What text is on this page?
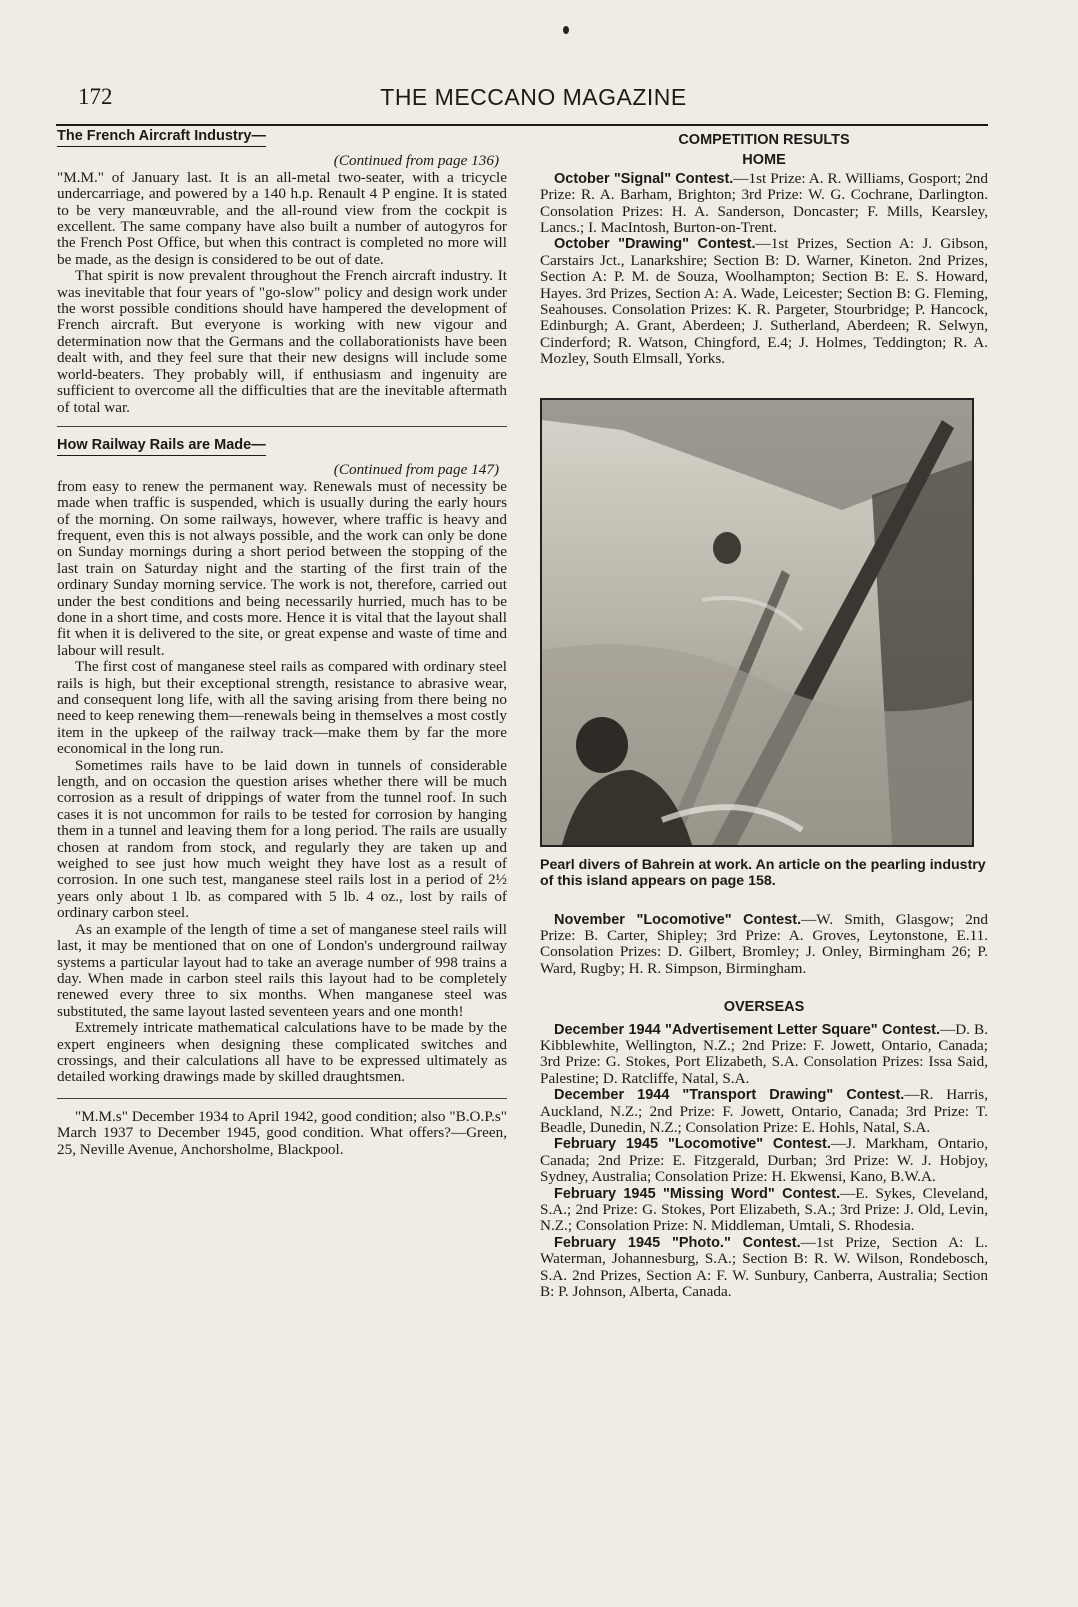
172	THE MECCANO MAGAZINE
The French Aircraft Industry—
(Continued from page 136)

"M.M." of January last. It is an all-metal two-seater, with a tricycle undercarriage, and powered by a 140 h.p. Renault 4 P engine. It is stated to be very manœuvrable, and the all-round view from the cockpit is excellent. The same company have also built a number of autogyros for the French Post Office, but when this contract is completed no more will be made, as the design is considered to be out of date.

That spirit is now prevalent throughout the French aircraft industry. It was inevitable that four years of "go-slow" policy and design work under the worst possible conditions should have hampered the development of French aircraft. But everyone is working with new vigour and determination now that the Germans and the collaborationists have been dealt with, and they feel sure that their new designs will include some world-beaters. They probably will, if enthusiasm and ingenuity are sufficient to overcome all the difficulties that are the inevitable aftermath of total war.

How Railway Rails are Made—
(Continued from page 147)

from easy to renew the permanent way. Renewals must of necessity be made when traffic is suspended, which is usually during the early hours of the morning. On some railways, however, where traffic is heavy and frequent, even this is not always possible, and the work can only be done on Sunday mornings during a short period between the stopping of the last train on Saturday night and the starting of the first train of the ordinary Sunday morning service. The work is not, therefore, carried out under the best conditions and being necessarily hurried, much has to be done in a short time, and costs more. Hence it is vital that the layout shall fit when it is delivered to the site, or great expense and waste of time and labour will result.

The first cost of manganese steel rails as compared with ordinary steel rails is high, but their exceptional strength, resistance to abrasive wear, and consequent long life, with all the saving arising from there being no need to keep renewing them—renewals being in themselves a most costly item in the upkeep of the railway track—make them by far the more economical in the long run.

Sometimes rails have to be laid down in tunnels of considerable length, and on occasion the question arises whether there will be much corrosion as a result of drippings of water from the tunnel roof. In such cases it is not uncommon for rails to be tested for corrosion by hanging them in a tunnel and leaving them for a long period. The rails are usually chosen at random from stock, and regularly they are taken up and weighed to see just how much weight they have lost as a result of corrosion. In one such test, manganese steel rails lost in a period of 2½ years only about 1 lb. as compared with 5 lb. 4 oz., lost by rails of ordinary carbon steel.

As an example of the length of time a set of manganese steel rails will last, it may be mentioned that on one of London's underground railway systems a particular layout had to take an average number of 998 trains a day. When made in carbon steel rails this layout had to be completely renewed every three to six months. When manganese steel was substituted, the same layout lasted seventeen years and one month!

Extremely intricate mathematical calculations have to be made by the expert engineers when designing these complicated switches and crossings, and their calculations all have to be expressed ultimately as detailed working drawings made by skilled draughtsmen.

"M.M.s" December 1934 to April 1942, good condition; also "B.O.P.s" March 1937 to December 1945, good condition. What offers?—Green, 25, Neville Avenue, Anchorsholme, Blackpool.

COMPETITION RESULTS
HOME

October "Signal" Contest.—1st Prize: A. R. Williams, Gosport; 2nd Prize: R. A. Barham, Brighton; 3rd Prize: W. G. Cochrane, Darlington. Consolation Prizes: H. A. Sanderson, Doncaster; F. Mills, Kearsley, Lancs.; I. MacIntosh, Burton-on-Trent.

October "Drawing" Contest.—1st Prizes, Section A: J. Gibson, Carstairs Jct., Lanarkshire; Section B: D. Warner, Kineton. 2nd Prizes, Section A: P. M. de Souza, Woolhampton; Section B: E. S. Howard, Hayes. 3rd Prizes, Section A: A. Wade, Leicester; Section B: G. Fleming, Seahouses. Consolation Prizes: K. R. Pargeter, Stourbridge; P. Hancock, Edinburgh; A. Grant, Aberdeen; J. Sutherland, Aberdeen; R. Selwyn, Cinderford; R. Watson, Chingford, E.4; J. Holmes, Teddington; R. A. Mozley, South Elmsall, Yorks.

Pearl divers of Bahrein at work. An article on the pearling industry of this island appears on page 158.

November "Locomotive" Contest.—W. Smith, Glasgow; 2nd Prize: B. Carter, Shipley; 3rd Prize: A. Groves, Leytonstone, E.11. Consolation Prizes: D. Gilbert, Bromley; J. Onley, Birmingham 26; P. Ward, Rugby; H. R. Simpson, Birmingham.

OVERSEAS

December 1944 "Advertisement Letter Square" Contest.—D. B. Kibblewhite, Wellington, N.Z.; 2nd Prize: F. Jowett, Ontario, Canada; 3rd Prize: G. Stokes, Port Elizabeth, S.A. Consolation Prizes: Issa Said, Palestine; D. Ratcliffe, Natal, S.A.

December 1944 "Transport Drawing" Contest.—R. Harris, Auckland, N.Z.; 2nd Prize: F. Jowett, Ontario, Canada; 3rd Prize: T. Beadle, Dunedin, N.Z.; Consolation Prize: E. Hohls, Natal, S.A.

February 1945 "Locomotive" Contest.—J. Markham, Ontario, Canada; 2nd Prize: E. Fitzgerald, Durban; 3rd Prize: W. J. Hobjoy, Sydney, Australia; Consolation Prize: H. Ekwensi, Kano, B.W.A.

February 1945 "Missing Word" Contest.—E. Sykes, Cleveland, S.A.; 2nd Prize: G. Stokes, Port Elizabeth, S.A.; 3rd Prize: J. Old, Levin, N.Z.; Consolation Prize: N. Middleman, Umtali, S. Rhodesia.

February 1945 "Photo." Contest.—1st Prize, Section A: L. Waterman, Johannesburg, S.A.; Section B: R. W. Wilson, Rondebosch, S.A. 2nd Prizes, Section A: F. W. Sunbury, Canberra, Australia; Section B: P. Johnson, Alberta, Canada.
